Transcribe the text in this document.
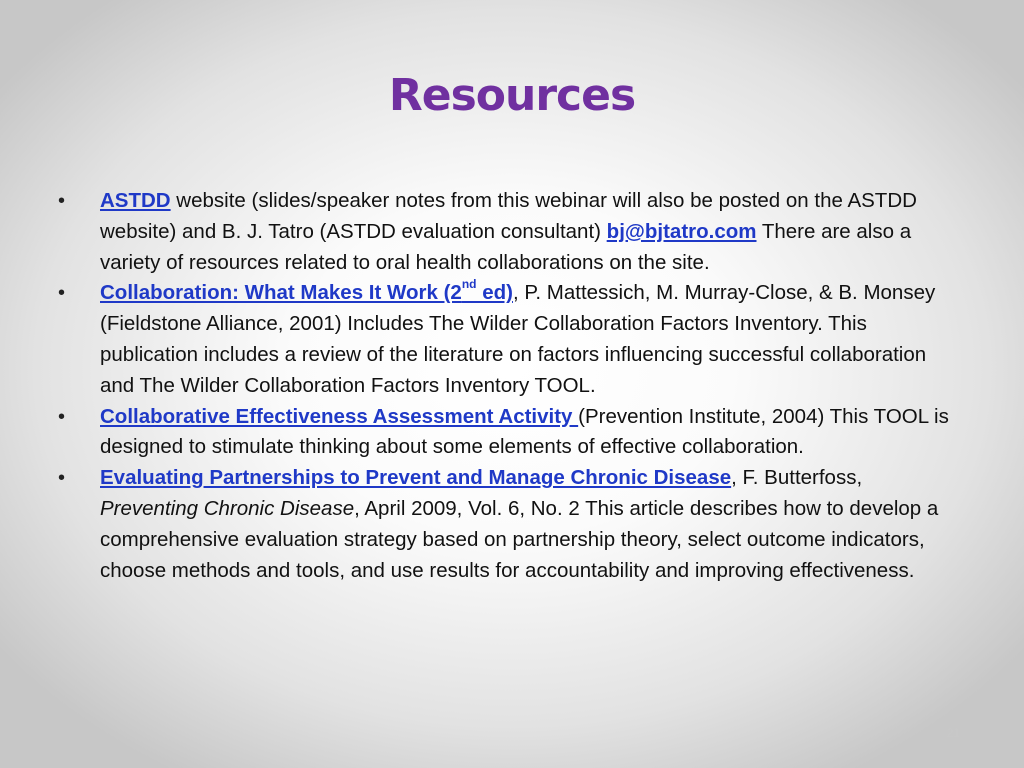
Resources
• ASTDD website (slides/speaker notes from this webinar will also be posted on the ASTDD website) and B. J. Tatro (ASTDD evaluation consultant) bj@bjtatro.com There are also a variety of resources related to oral health collaborations on the site.
• Collaboration: What Makes It Work (2nd ed), P. Mattessich, M. Murray-Close, & B. Monsey (Fieldstone Alliance, 2001) Includes The Wilder Collaboration Factors Inventory. This publication includes a review of the literature on factors influencing successful collaboration and The Wilder Collaboration Factors Inventory TOOL.
• Collaborative Effectiveness Assessment Activity (Prevention Institute, 2004) This TOOL is designed to stimulate thinking about some elements of effective collaboration.
• Evaluating Partnerships to Prevent and Manage Chronic Disease, F. Butterfoss, Preventing Chronic Disease, April 2009, Vol. 6, No. 2 This article describes how to develop a comprehensive evaluation strategy based on partnership theory, select outcome indicators, choose methods and tools, and use results for accountability and improving effectiveness.
21
